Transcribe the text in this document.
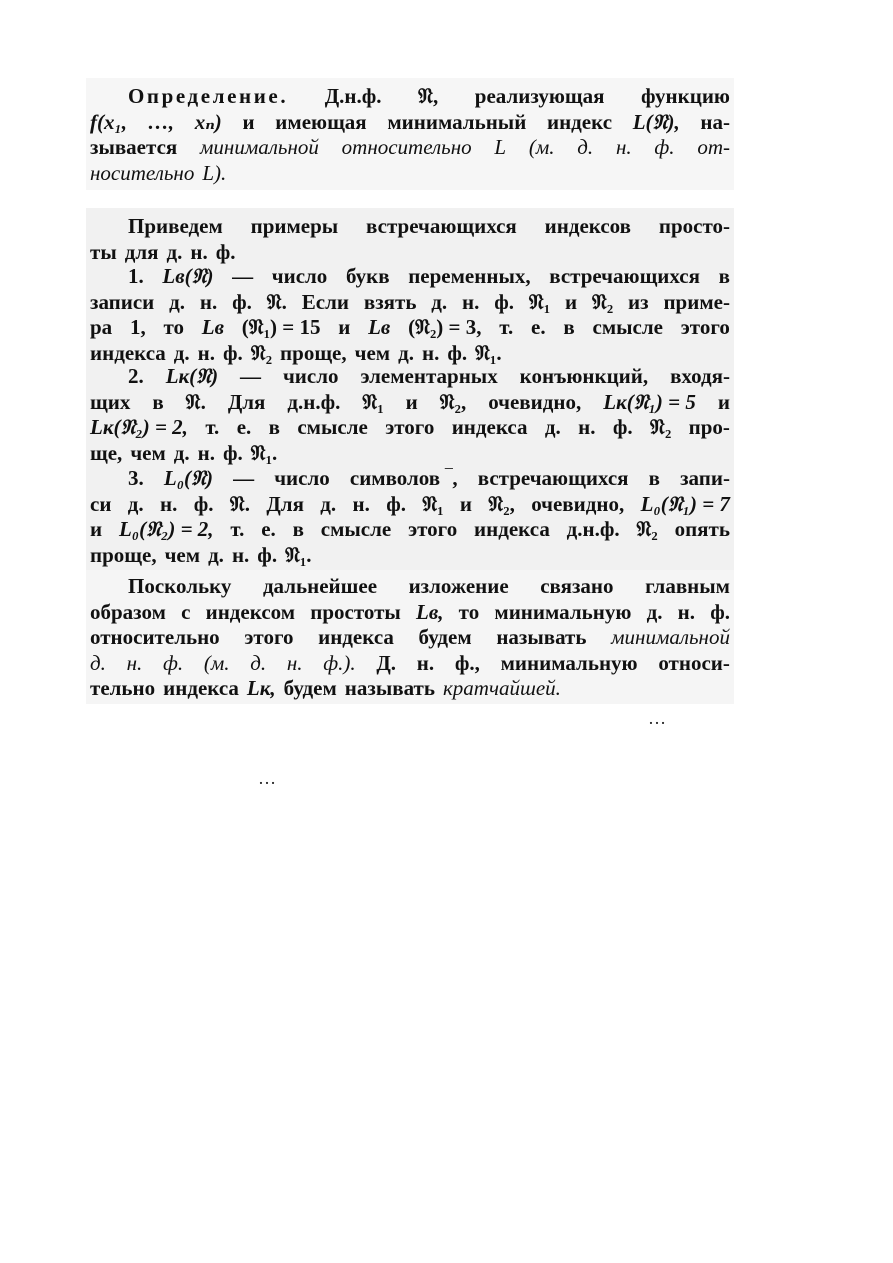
Определение. Д.н.ф. 𝔑, реализующая функцию
f(x₁, …, xₙ) и имеющая минимальный индекс L(𝔑), на-
зывается минимальной относительно L (м. д. н. ф. от-
носительно L).
Приведем примеры встречающихся индексов просто-
ты для д. н. ф.
1. Lв(𝔑) — число букв переменных, встречающихся в
записи д. н. ф. 𝔑. Если взять д. н. ф. 𝔑₁ и 𝔑₂ из приме-
ра 1, то Lв (𝔑₁) = 15 и Lв (𝔑₂) = 3, т. е. в смысле этого
индекса д. н. ф. 𝔑₂ проще, чем д. н. ф. 𝔑₁.
2. Lк(𝔑) — число элементарных конъюнкций, входя-
щих в 𝔑. Для д.н.ф. 𝔑₁ и 𝔑₂, очевидно, Lк(𝔑₁) = 5 и
Lк(𝔑₂) = 2, т. е. в смысле этого индекса д. н. ф. 𝔑₂ про-
ще, чем д. н. ф. 𝔑₁.
3. L₀(𝔑) — число символов ‾, встречающихся в запи-
си д. н. ф. 𝔑. Для д. н. ф. 𝔑₁ и 𝔑₂, очевидно, L₀(𝔑₁) = 7
и L₀(𝔑₂) = 2, т. е. в смысле этого индекса д.н.ф. 𝔑₂ опять
проще, чем д. н. ф. 𝔑₁.
Поскольку дальнейшее изложение связано главным
образом с индексом простоты Lв, то минимальную д. н. ф.
относительно этого индекса будем называть минимальной
д. н. ф. (м. д. н. ф.). Д. н. ф., минимальную относи-
тельно индекса Lк, будем называть кратчайшей.
…
…
